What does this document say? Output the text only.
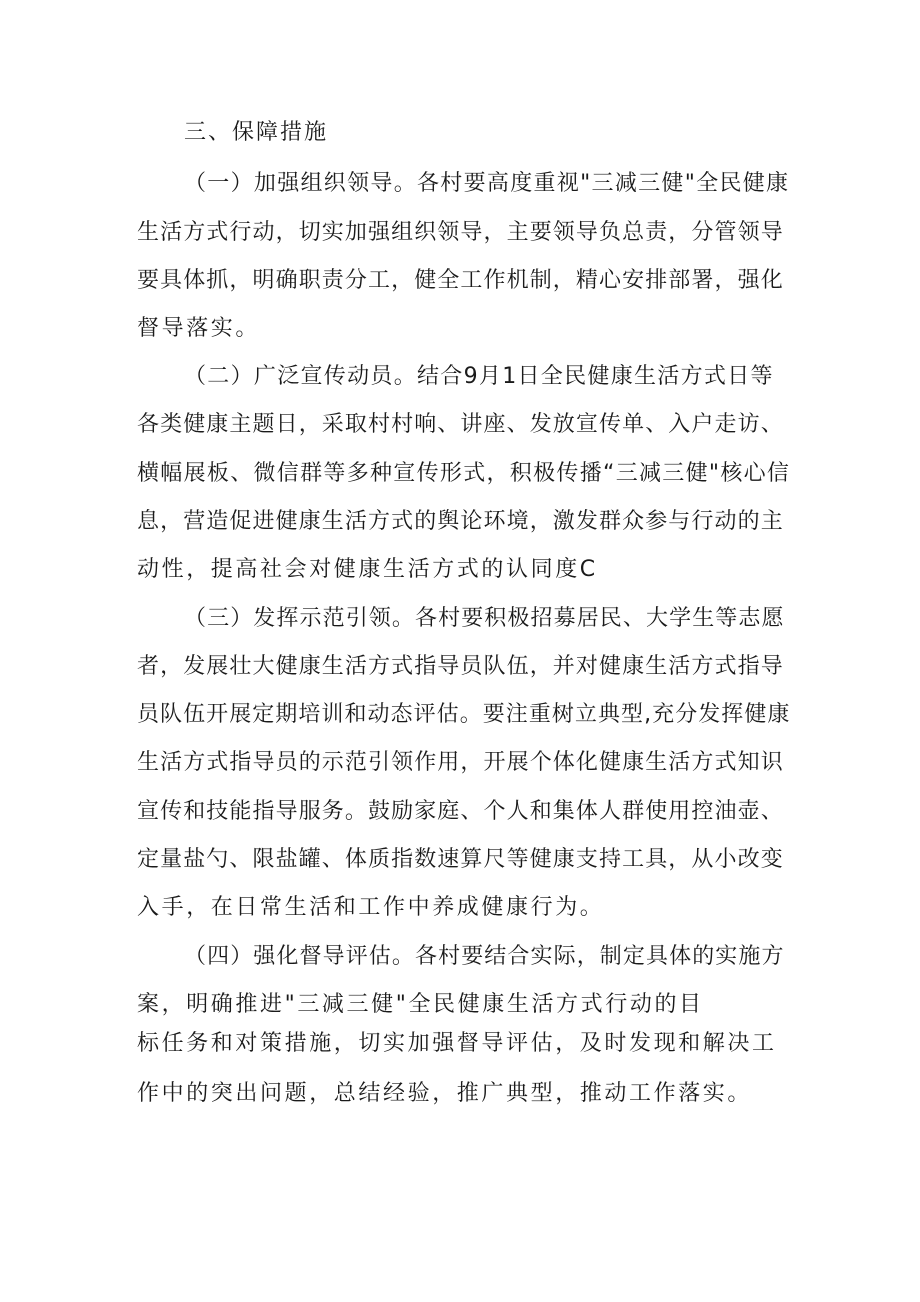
三、保障措施
（一）加强组织领导。各村要高度重视"三减三健"全民健康
生活方式行动，切实加强组织领导，主要领导负总责，分管领导
要具体抓，明确职责分工，健全工作机制，精心安排部署，强化
督导落实。
（二）广泛宣传动员。结合9月1日全民健康生活方式日等
各类健康主题日，采取村村响、讲座、发放宣传单、入户走访、
横幅展板、微信群等多种宣传形式，积极传播“三减三健"核心信
息，营造促进健康生活方式的舆论环境，激发群众参与行动的主
动性，提高社会对健康生活方式的认同度C
（三）发挥示范引领。各村要积极招募居民、大学生等志愿
者，发展壮大健康生活方式指导员队伍，并对健康生活方式指导
员队伍开展定期培训和动态评估。要注重树立典型,充分发挥健康
生活方式指导员的示范引领作用，开展个体化健康生活方式知识
宣传和技能指导服务。鼓励家庭、个人和集体人群使用控油壶、
定量盐勺、限盐罐、体质指数速算尺等健康支持工具，从小改变
入手，在日常生活和工作中养成健康行为。
（四）强化督导评估。各村要结合实际，制定具体的实施方
案，明确推进"三减三健"全民健康生活方式行动的目
标任务和对策措施，切实加强督导评估，及时发现和解决工
作中的突出问题，总结经验，推广典型，推动工作落实。
